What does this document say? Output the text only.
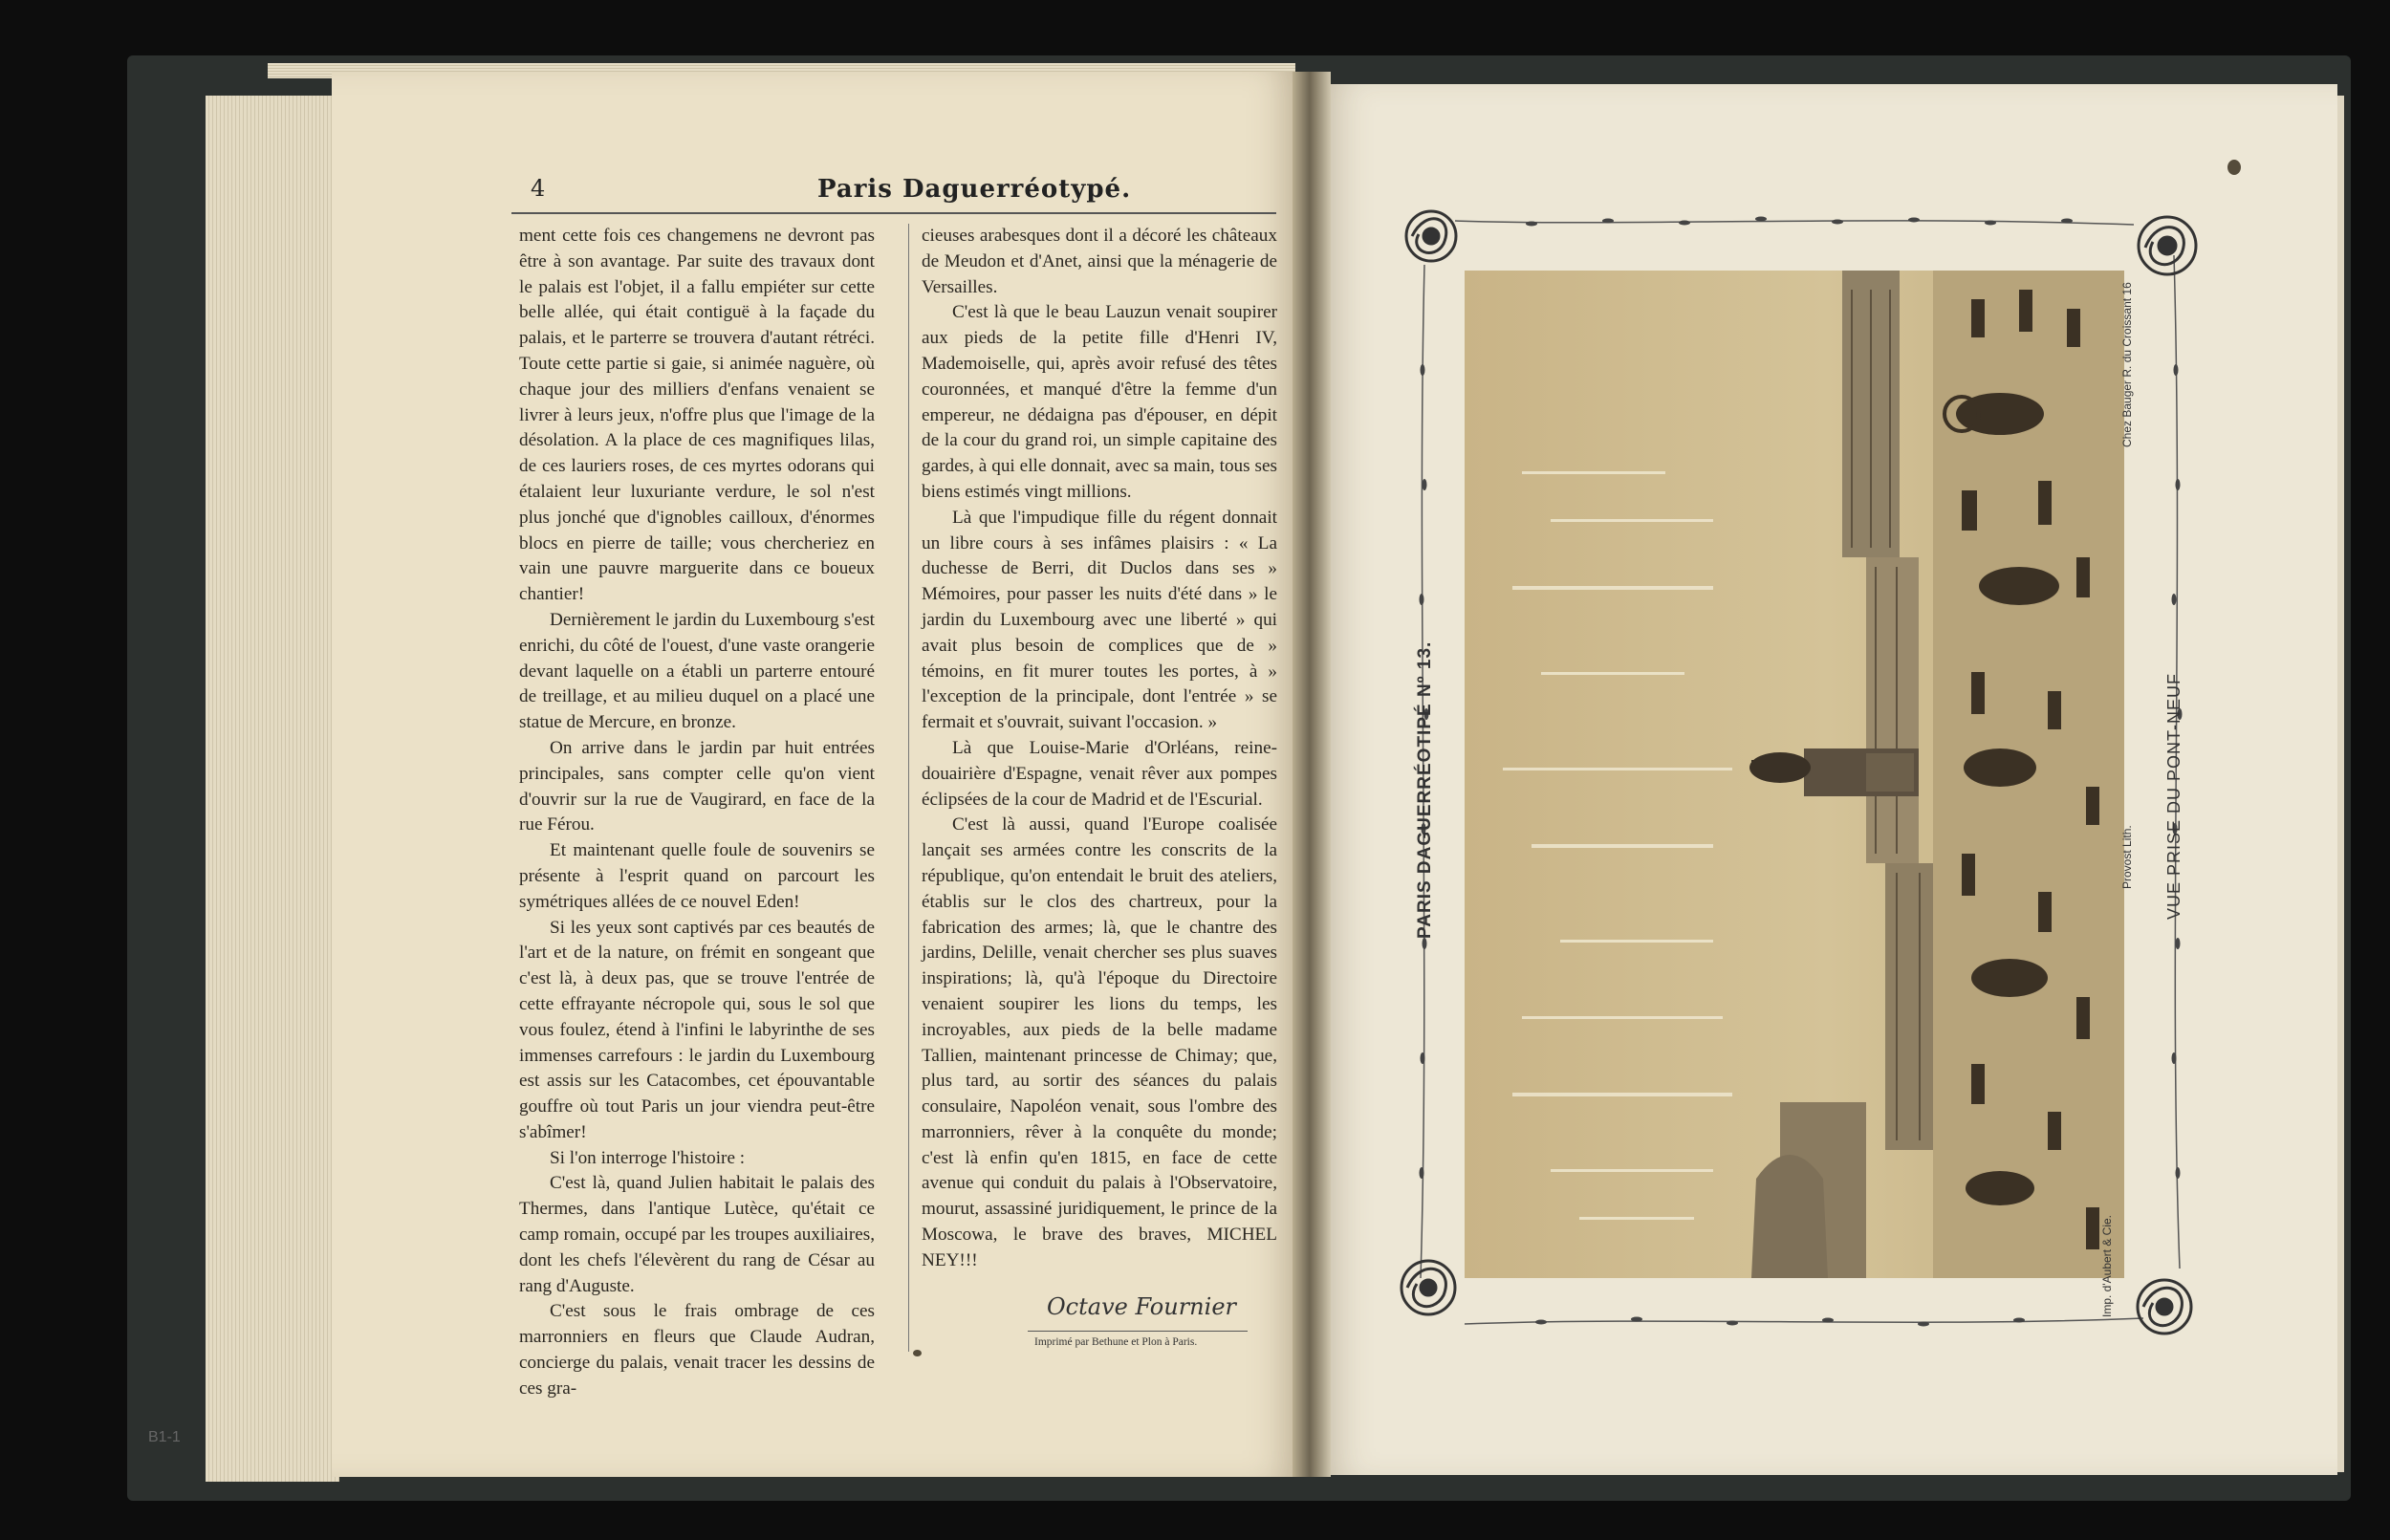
B1-1
4	Paris Daguerréotypé.

ment cette fois ces changemens ne devront pas être à son avantage. Par suite des travaux dont le palais est l'objet, il a fallu empiéter sur cette belle allée, qui était contiguë à la façade du palais, et le parterre se trouvera d'autant rétréci. Toute cette partie si gaie, si animée naguère, où chaque jour des milliers d'enfans venaient se livrer à leurs jeux, n'offre plus que l'image de la désolation. A la place de ces magnifiques lilas, de ces lauriers roses, de ces myrtes odorans qui étalaient leur luxuriante verdure, le sol n'est plus jonché que d'ignobles cailloux, d'énormes blocs en pierre de taille; vous chercheriez en vain une pauvre marguerite dans ce boueux chantier!

Dernièrement le jardin du Luxembourg s'est enrichi, du côté de l'ouest, d'une vaste orangerie devant laquelle on a établi un parterre entouré de treillage, et au milieu duquel on a placé une statue de Mercure, en bronze.

On arrive dans le jardin par huit entrées principales, sans compter celle qu'on vient d'ouvrir sur la rue de Vaugirard, en face de la rue Férou.

Et maintenant quelle foule de souvenirs se présente à l'esprit quand on parcourt les symétriques allées de ce nouvel Eden!

Si les yeux sont captivés par ces beautés de l'art et de la nature, on frémit en songeant que c'est là, à deux pas, que se trouve l'entrée de cette effrayante nécropole qui, sous le sol que vous foulez, étend à l'infini le labyrinthe de ses immenses carrefours : le jardin du Luxembourg est assis sur les Catacombes, cet épouvantable gouffre où tout Paris un jour viendra peut-être s'abîmer!

Si l'on interroge l'histoire :

C'est là, quand Julien habitait le palais des Thermes, dans l'antique Lutèce, qu'était ce camp romain, occupé par les troupes auxiliaires, dont les chefs l'élevèrent du rang de César au rang d'Auguste.

C'est sous le frais ombrage de ces marronniers en fleurs que Claude Audran, concierge du palais, venait tracer les dessins de ces gra-

cieuses arabesques dont il a décoré les châteaux de Meudon et d'Anet, ainsi que la ménagerie de Versailles.

C'est là que le beau Lauzun venait soupirer aux pieds de la petite fille d'Henri IV, Mademoiselle, qui, après avoir refusé des têtes couronnées, et manqué d'être la femme d'un empereur, ne dédaigna pas d'épouser, en dépit de la cour du grand roi, un simple capitaine des gardes, à qui elle donnait, avec sa main, tous ses biens estimés vingt millions.

Là que l'impudique fille du régent donnait un libre cours à ses infâmes plaisirs : « La duchesse de Berri, dit Duclos dans ses » Mémoires, pour passer les nuits d'été dans » le jardin du Luxembourg avec une liberté » qui avait plus besoin de complices que de » témoins, en fit murer toutes les portes, à » l'exception de la principale, dont l'entrée » se fermait et s'ouvrait, suivant l'occasion. »

Là que Louise-Marie d'Orléans, reine-douairière d'Espagne, venait rêver aux pompes éclipsées de la cour de Madrid et de l'Escurial.

C'est là aussi, quand l'Europe coalisée lançait ses armées contre les conscrits de la république, qu'on entendait le bruit des ateliers, établis sur le clos des chartreux, pour la fabrication des armes; là, que le chantre des jardins, Delille, venait chercher ses plus suaves inspirations; là, qu'à l'époque du Directoire venaient soupirer les lions du temps, les incroyables, aux pieds de la belle madame Tallien, maintenant princesse de Chimay; que, plus tard, au sortir des séances du palais consulaire, Napoléon venait, sous l'ombre des marronniers, rêver à la conquête du monde; c'est là enfin qu'en 1815, en face de cette avenue qui conduit du palais à l'Observatoire, mourut, assassiné juridiquement, le prince de la Moscowa, le brave des braves, MICHEL NEY!!!

Octave Fournier
Imprimé par Bethune et Plon à Paris.
PARIS DAGUERRÉOTIPÉ Nº 13.	VUE PRISE DU PONT-NEUF
Imp. d'Aubert & Cie.
Provost Lith.
Chez Bauger R. du Croissant 16
